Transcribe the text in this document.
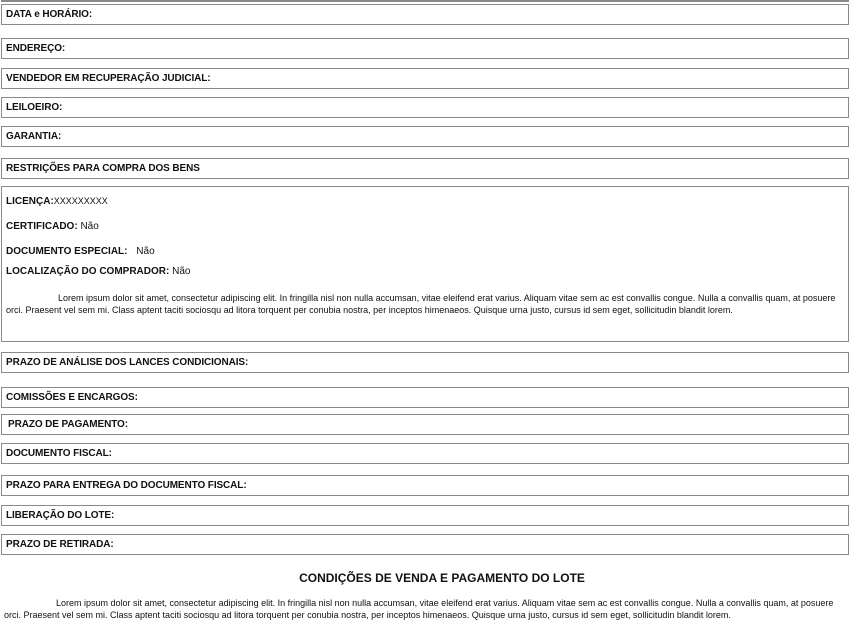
DATA e HORÁRIO:
ENDEREÇO:
VENDEDOR EM RECUPERAÇÃO JUDICIAL:
LEILOEIRO:
GARANTIA:
RESTRIÇÕES PARA COMPRA DOS BENS
LICENÇA:XXXXXXXXX
CERTIFICADO: Não
DOCUMENTO ESPECIAL: Não
LOCALIZAÇÃO DO COMPRADOR: Não
Lorem ipsum dolor sit amet, consectetur adipiscing elit. In fringilla nisl non nulla accumsan, vitae eleifend erat varius. Aliquam vitae sem ac est convallis congue. Nulla a convallis quam, at posuere orci. Praesent vel sem mi. Class aptent taciti sociosqu ad litora torquent per conubia nostra, per inceptos himenaeos. Quisque urna justo, cursus id sem eget, sollicitudin blandit lorem.
PRAZO DE ANÁLISE DOS LANCES CONDICIONAIS:
COMISSÕES E ENCARGOS:
PRAZO DE PAGAMENTO:
DOCUMENTO FISCAL:
PRAZO PARA ENTREGA DO DOCUMENTO FISCAL:
LIBERAÇÃO DO LOTE:
PRAZO DE RETIRADA:
CONDIÇÕES DE VENDA E PAGAMENTO DO LOTE
Lorem ipsum dolor sit amet, consectetur adipiscing elit. In fringilla nisl non nulla accumsan, vitae eleifend erat varius. Aliquam vitae sem ac est convallis congue. Nulla a convallis quam, at posuere orci. Praesent vel sem mi. Class aptent taciti sociosqu ad litora torquent per conubia nostra, per inceptos himenaeos. Quisque urna justo, cursus id sem eget, sollicitudin blandit lorem.
